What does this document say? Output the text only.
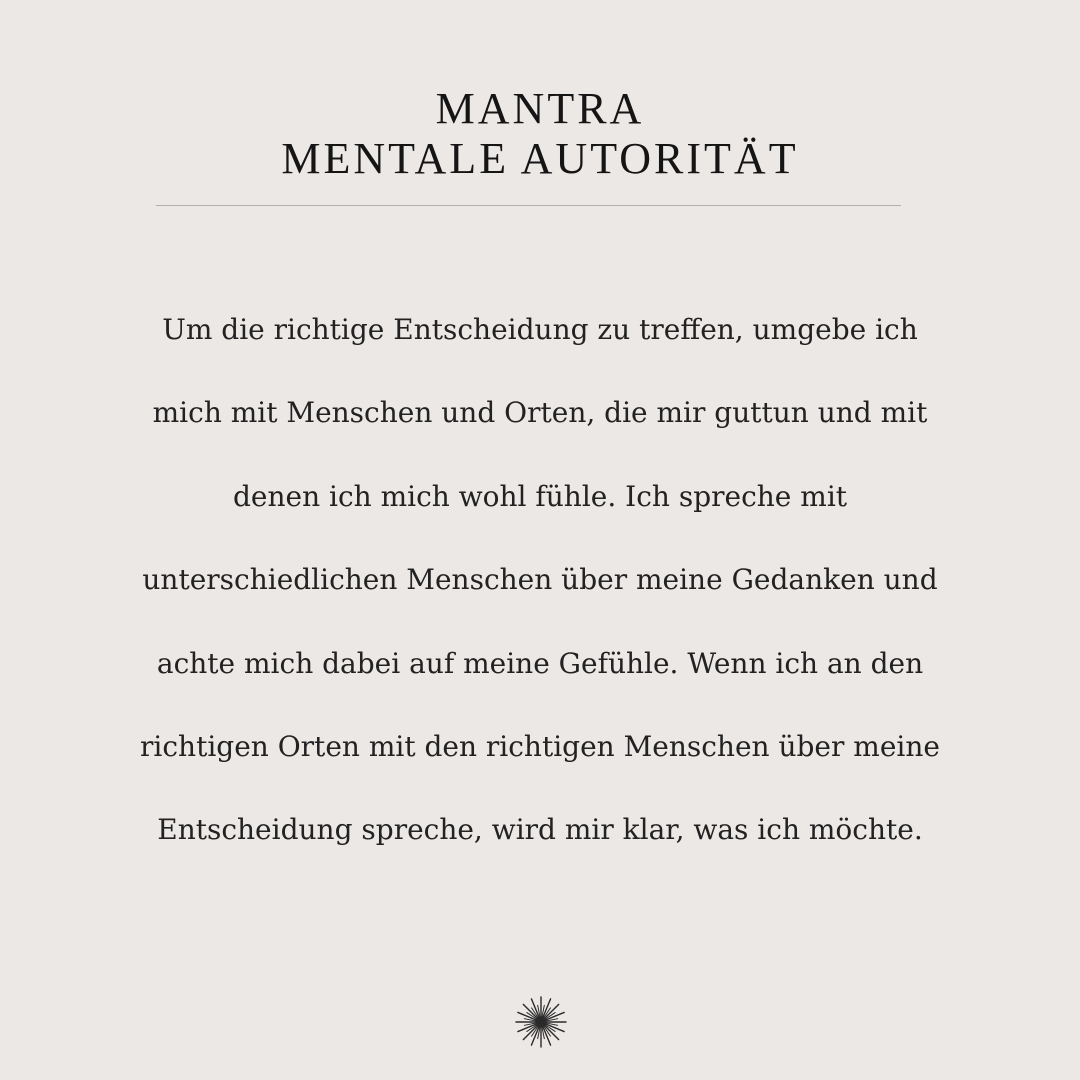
MANTRA
MENTALE AUTORITÄT
Um die richtige Entscheidung zu treffen, umgebe ich
mich mit Menschen und Orten, die mir guttun und mit
denen ich mich wohl fühle. Ich spreche mit
unterschiedlichen Menschen über meine Gedanken und
achte mich dabei auf meine Gefühle. Wenn ich an den
richtigen Orten mit den richtigen Menschen über meine
Entscheidung spreche, wird mir klar, was ich möchte.
